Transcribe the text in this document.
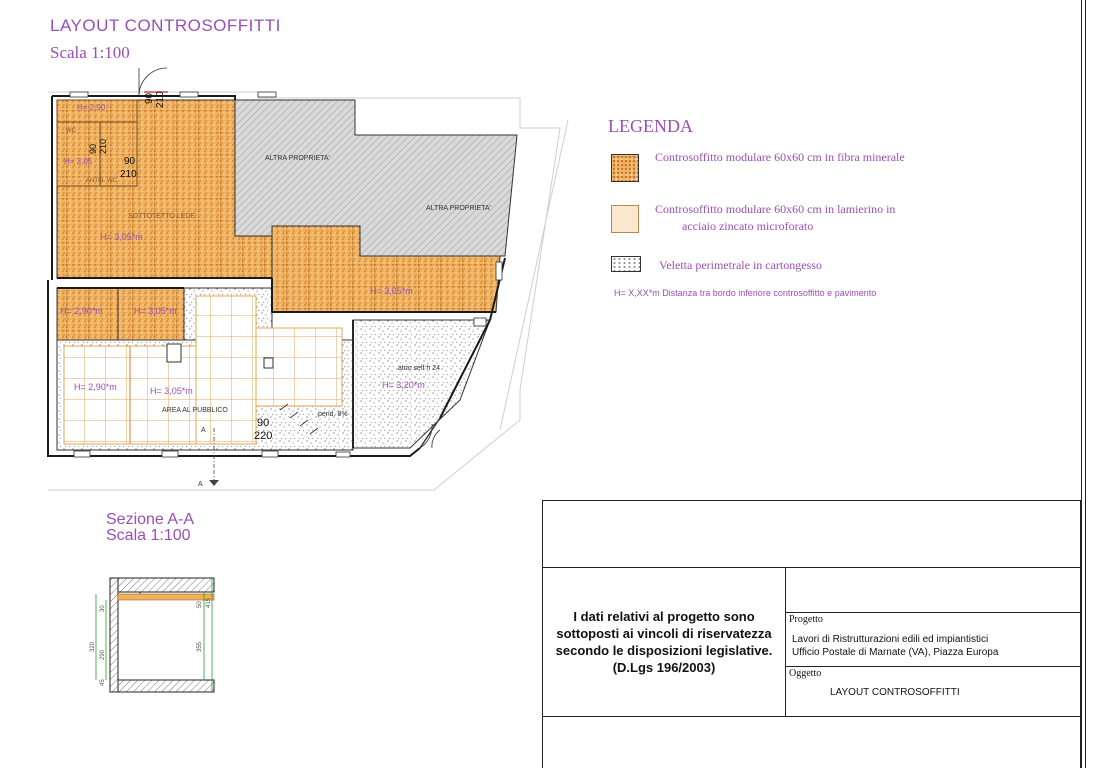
LAYOUT CONTROSOFFITTI
Scala 1:100
ALTRA PROPRIETA'
ALTRA PROPRIETA'
SOTTOTETTO LEDE
AREA AL PUBBLICO
atrio self h 24
pend. 8%
WC
ANTIB. WC
H= 2,90
H= 3,05
H= 3,05*m
H= 3,05*m
H= 2,90*m	H= 3,05*m
H= 2,90*m	H= 3,05*m
H= 3,20*m
90 210
90 210
90
210
90
220
A
A
Sezione A-A
Scala 1:100
320
290
355
415
30
50
45
LEGENDA
Controsoffitto modulare 60x60 cm in fibra minerale
Controsoffitto modulare 60x60 cm in lamierino in
acciaio zincato microforato
Veletta perimetrale in cartongesso
H= X,XX*m Distanza tra bordo inferiore controsoffitto e pavimento
I dati relativi al progetto sono sottoposti ai vincoli di riservatezza secondo le disposizioni legislative. (D.Lgs 196/2003)
Progetto
Lavori di Ristrutturazioni edili ed impiantistici
Ufficio Postale di Marnate (VA), Piazza Europa
Oggetto
LAYOUT CONTROSOFFITTI
